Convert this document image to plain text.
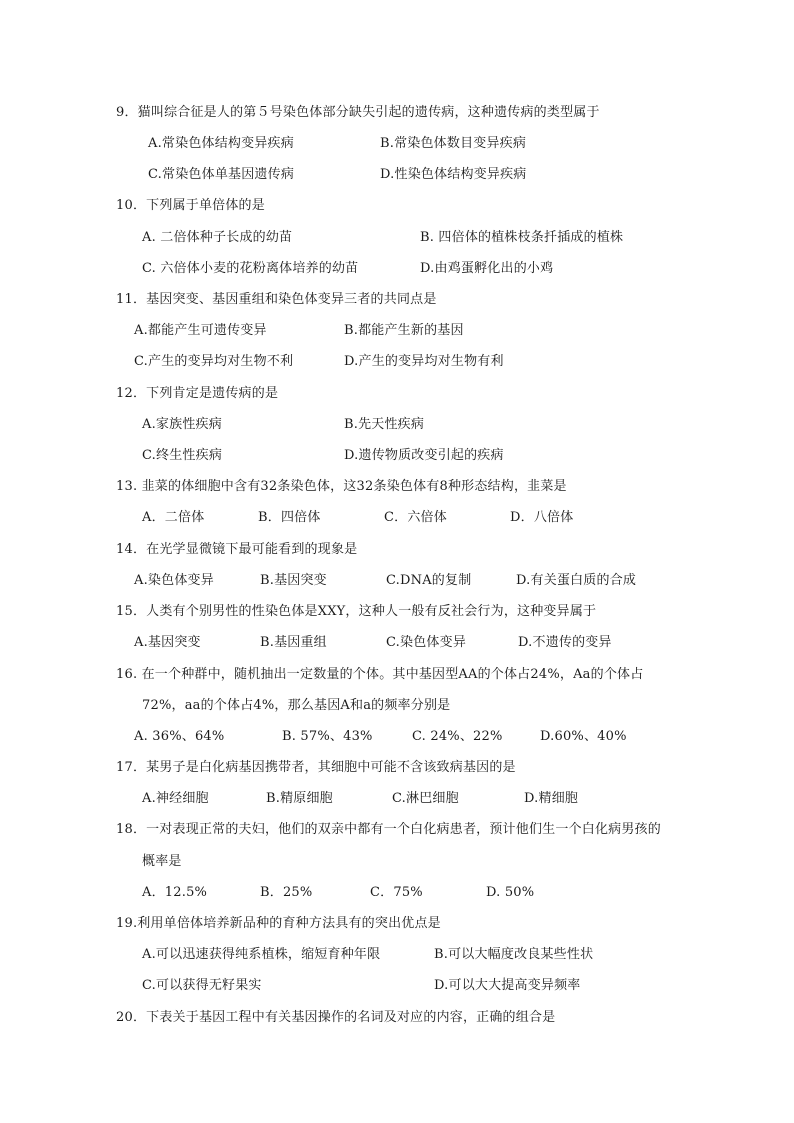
9．猫叫综合征是人的第５号染色体部分缺失引起的遗传病，这种遗传病的类型属于
A.常染色体结构变异疾病	B.常染色体数目变异疾病
C.常染色体单基因遗传病	D.性染色体结构变异疾病
10．下列属于单倍体的是
A. 二倍体种子长成的幼苗	B. 四倍体的植株枝条扦插成的植株
C. 六倍体小麦的花粉离体培养的幼苗	D.由鸡蛋孵化出的小鸡
11．基因突变、基因重组和染色体变异三者的共同点是
A.都能产生可遗传变异	B.都能产生新的基因
C.产生的变异均对生物不利	D.产生的变异均对生物有利
12．下列肯定是遗传病的是
A.家族性疾病	B.先天性疾病
C.终生性疾病	D.遗传物质改变引起的疾病
13. 韭菜的体细胞中含有32条染色体，这32条染色体有8种形态结构，韭菜是
A．二倍体	B．四倍体	C．六倍体	D．八倍体
14．在光学显微镜下最可能看到的现象是
A.染色体变异	B.基因突变	C.DNA的复制	D.有关蛋白质的合成
15．人类有个别男性的性染色体是XXY，这种人一般有反社会行为，这种变异属于
A.基因突变	B.基因重组	C.染色体变异	D.不遗传的变异
16. 在一个种群中，随机抽出一定数量的个体。其中基因型AA的个体占24%，Aa的个体占
72%，aa的个体占4%，那么基因A和a的频率分别是
A. 36%、64%	B. 57%、43%	C. 24%、22%	D.60%、40%
17．某男子是白化病基因携带者，其细胞中可能不含该致病基因的是
A.神经细胞	B.精原细胞	C.淋巴细胞	D.精细胞
18．一对表现正常的夫妇，他们的双亲中都有一个白化病患者，预计他们生一个白化病男孩的
概率是
A．12.5%	B．25%	C．75%	D. 50%
19.利用单倍体培养新品种的育种方法具有的突出优点是
A.可以迅速获得纯系植株，缩短育种年限	B.可以大幅度改良某些性状
C.可以获得无籽果实	D.可以大大提高变异频率
20．下表关于基因工程中有关基因操作的名词及对应的内容，正确的组合是
